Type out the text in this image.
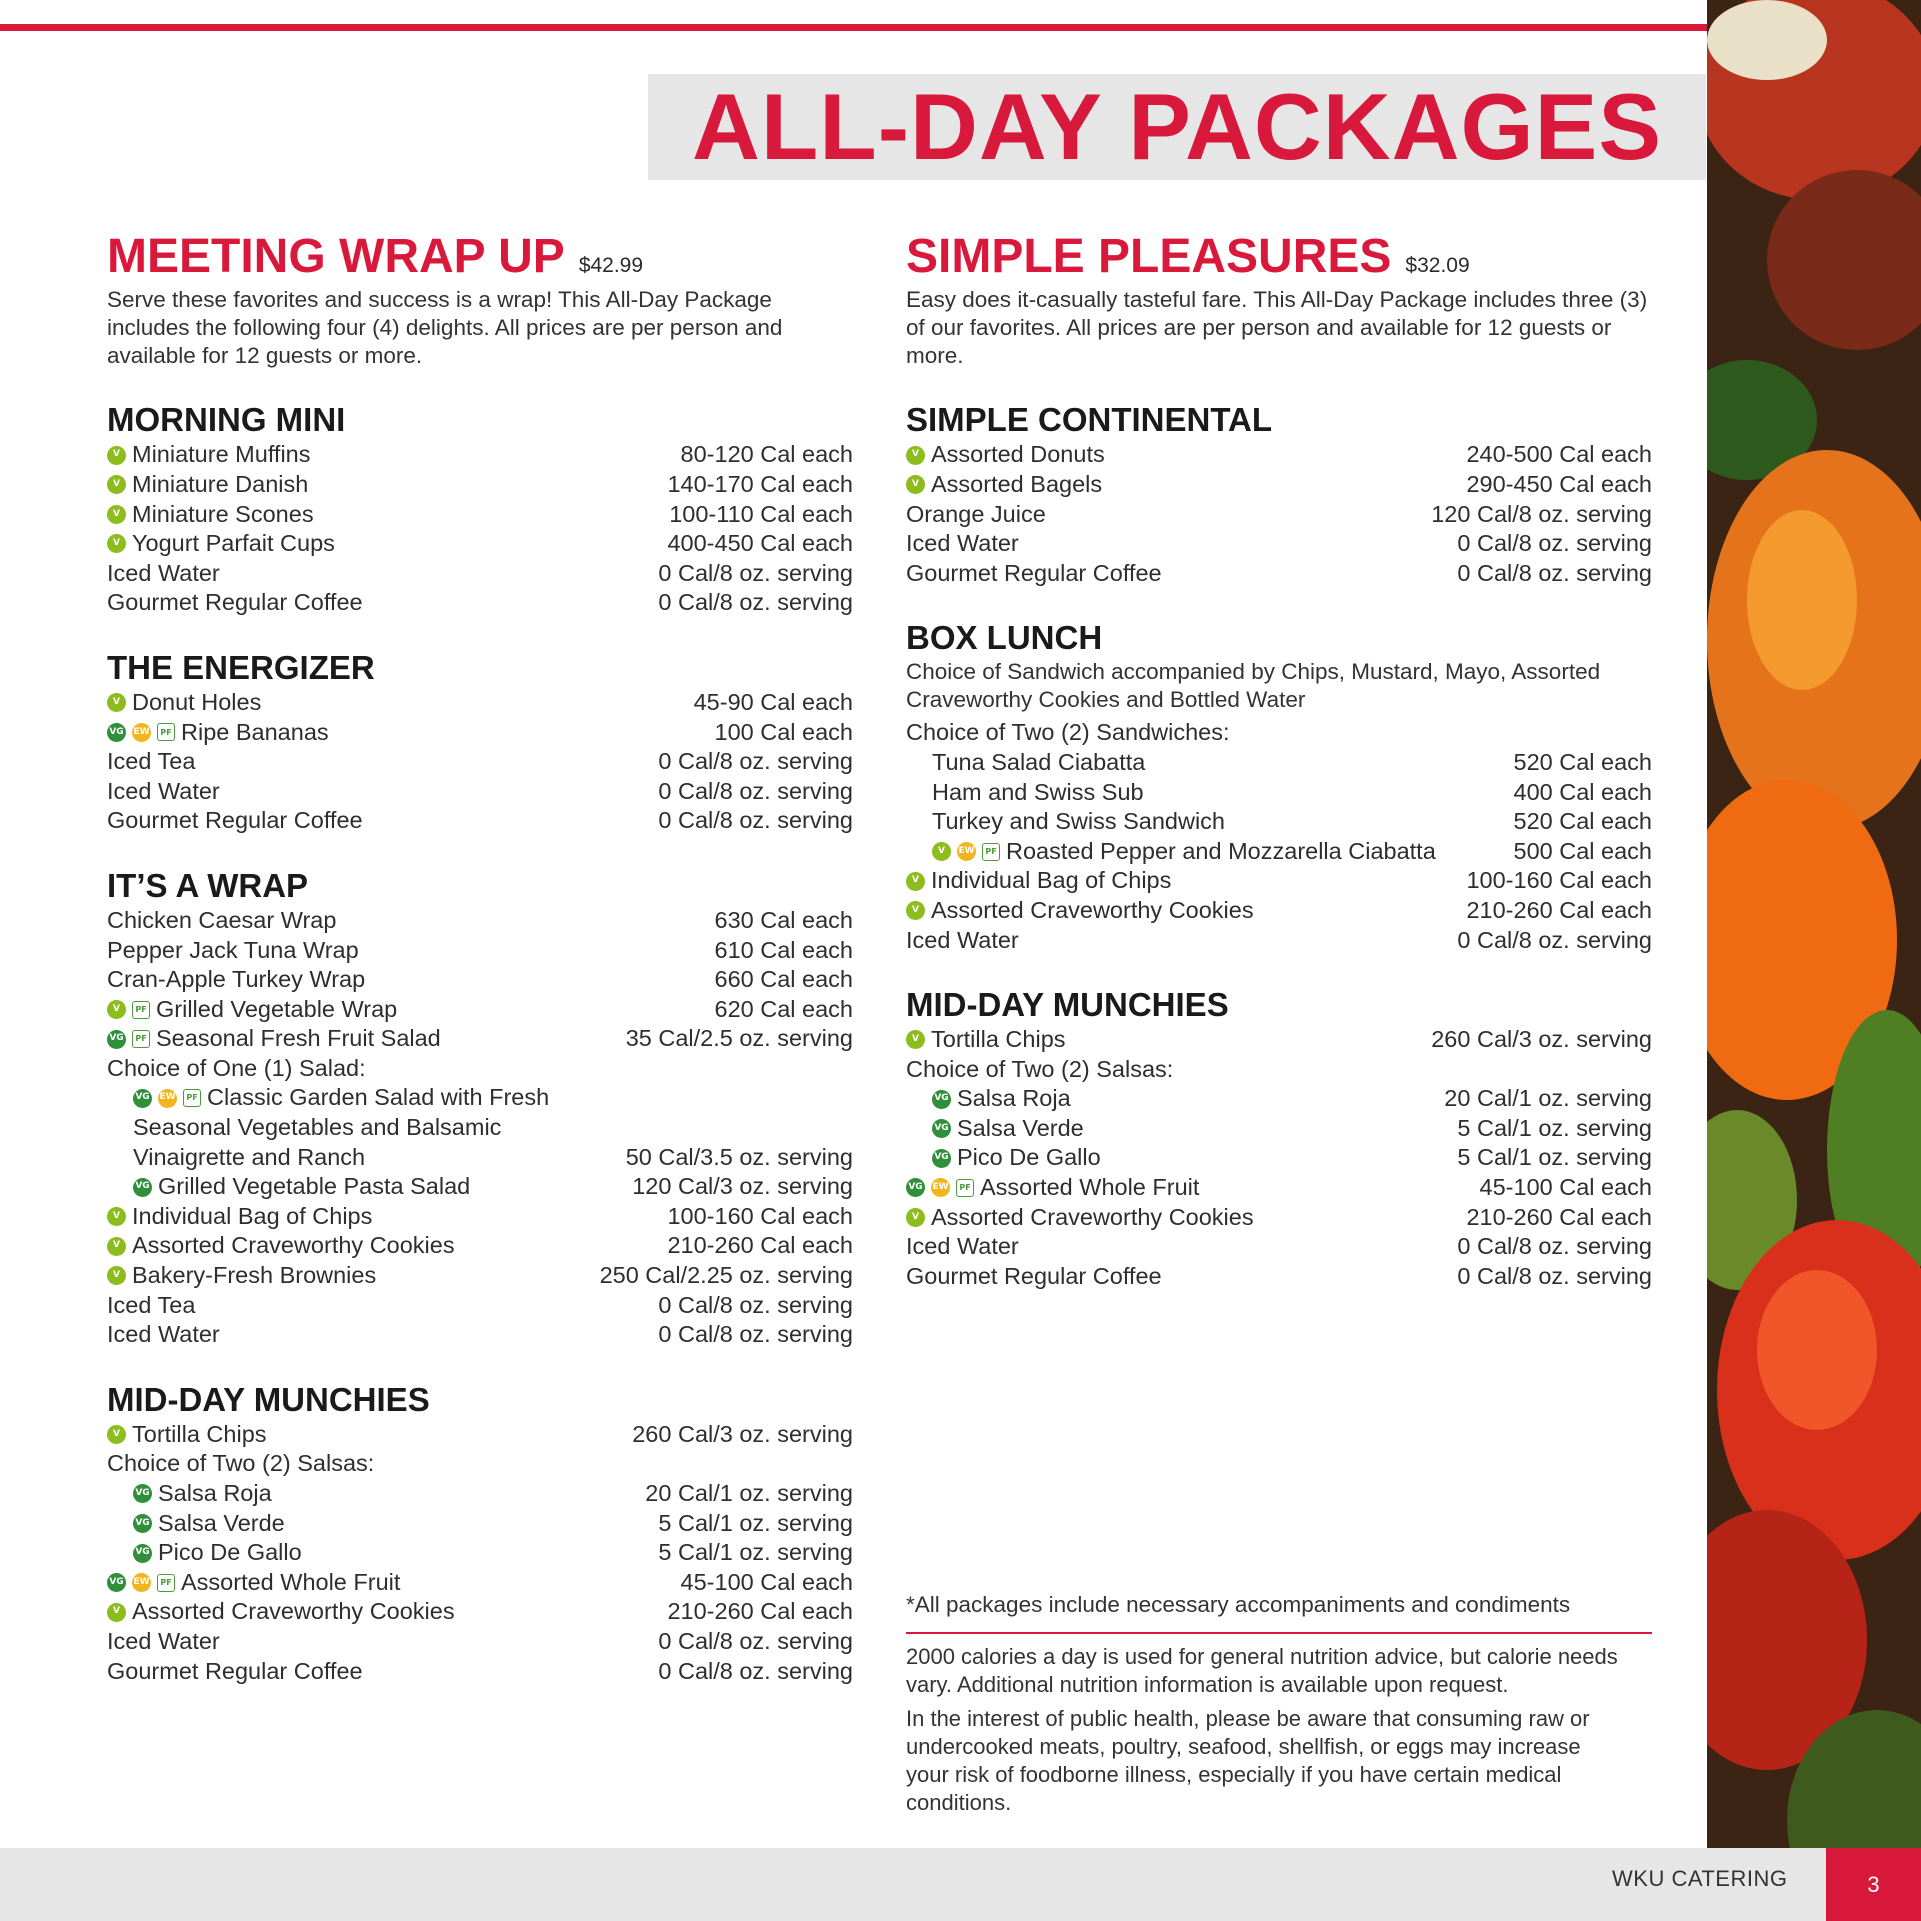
ALL-DAY PACKAGES
MEETING WRAP UP $42.99

Serve these favorites and success is a wrap! This All-Day Package includes the following four (4) delights. All prices are per person and available for 12 guests or more.

MORNING MINI
V Miniature Muffins	80-120 Cal each
V Miniature Danish	140-170 Cal each
V Miniature Scones	100-110 Cal each
V Yogurt Parfait Cups	400-450 Cal each
Iced Water	0 Cal/8 oz. serving
Gourmet Regular Coffee	0 Cal/8 oz. serving
THE ENERGIZER
V Donut Holes	45-90 Cal each
VG EW	PF Ripe Bananas	100 Cal each
Iced Tea	0 Cal/8 oz. serving
Iced Water	0 Cal/8 oz. serving
Gourmet Regular Coffee	0 Cal/8 oz. serving
IT’S A WRAP
Chicken Caesar Wrap	630 Cal each
Pepper Jack Tuna Wrap	610 Cal each
Cran-Apple Turkey Wrap	660 Cal each
V	PF Grilled Vegetable Wrap	620 Cal each
VG	PF Seasonal Fresh Fruit Salad	35 Cal/2.5 oz. serving
Choice of One (1) Salad:
VG EW	PF Classic Garden Salad with Fresh
Seasonal Vegetables and Balsamic
Vinaigrette and Ranch	50 Cal/3.5 oz. serving
VG Grilled Vegetable Pasta Salad	120 Cal/3 oz. serving
V Individual Bag of Chips	100-160 Cal each
V Assorted Craveworthy Cookies	210-260 Cal each
V Bakery-Fresh Brownies	250 Cal/2.25 oz. serving
Iced Tea	0 Cal/8 oz. serving
Iced Water	0 Cal/8 oz. serving
MID-DAY MUNCHIES
V Tortilla Chips	260 Cal/3 oz. serving
Choice of Two (2) Salsas:
VG Salsa Roja	20 Cal/1 oz. serving
VG Salsa Verde	5 Cal/1 oz. serving
VG Pico De Gallo	5 Cal/1 oz. serving
VG EW	PF Assorted Whole Fruit	45-100 Cal each
V Assorted Craveworthy Cookies	210-260 Cal each
Iced Water	0 Cal/8 oz. serving
Gourmet Regular Coffee	0 Cal/8 oz. serving
SIMPLE PLEASURES $32.09

Easy does it-casually tasteful fare. This All-Day Package includes three (3) of our favorites. All prices are per person and available for 12 guests or more.

SIMPLE CONTINENTAL
V Assorted Donuts	240-500 Cal each
V Assorted Bagels	290-450 Cal each
Orange Juice	120 Cal/8 oz. serving
Iced Water	0 Cal/8 oz. serving
Gourmet Regular Coffee	0 Cal/8 oz. serving
BOX LUNCH

Choice of Sandwich accompanied by Chips, Mustard, Mayo, Assorted Craveworthy Cookies and Bottled Water

Choice of Two (2) Sandwiches:
Tuna Salad Ciabatta	520 Cal each
Ham and Swiss Sub	400 Cal each
Turkey and Swiss Sandwich	520 Cal each
V	EW	PF Roasted Pepper and Mozzarella Ciabatta	500 Cal each
V Individual Bag of Chips	100-160 Cal each
V Assorted Craveworthy Cookies	210-260 Cal each
Iced Water	0 Cal/8 oz. serving
MID-DAY MUNCHIES
V Tortilla Chips	260 Cal/3 oz. serving
Choice of Two (2) Salsas:
VG Salsa Roja	20 Cal/1 oz. serving
VG Salsa Verde	5 Cal/1 oz. serving
VG Pico De Gallo	5 Cal/1 oz. serving
VG EW	PF Assorted Whole Fruit	45-100 Cal each
V Assorted Craveworthy Cookies	210-260 Cal each
Iced Water	0 Cal/8 oz. serving
Gourmet Regular Coffee	0 Cal/8 oz. serving
*All packages include necessary accompaniments and condiments

2000 calories a day is used for general nutrition advice, but calorie needs vary. Additional nutrition information is available upon request.

In the interest of public health, please be aware that consuming raw or undercooked meats, poultry, seafood, shellfish, or eggs may increase your risk of foodborne illness, especially if you have certain medical conditions.

WKU CATERING	3
